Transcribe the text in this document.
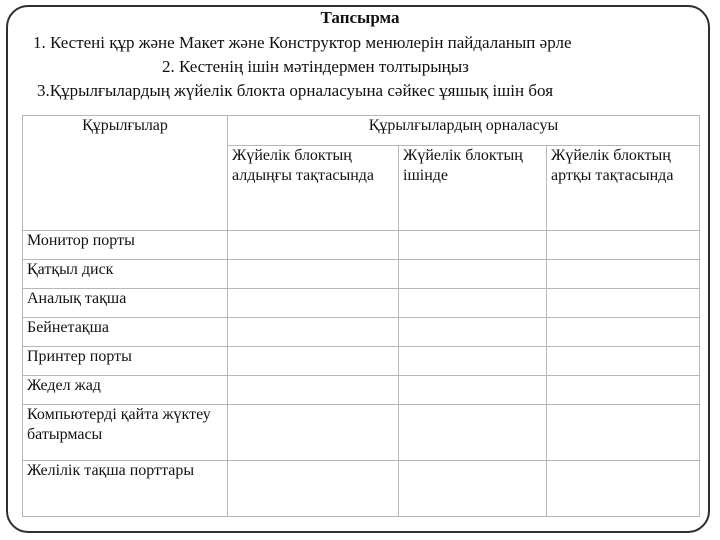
Тапсырма
1. Кестені құр және Макет және Конструктор менюлерін пайдаланып әрле
2. Кестенің ішін мәтіндермен толтырыңыз
3.Құрылғылардың жүйелік блокта орналасуына сәйкес ұяшық ішін боя
Құрылғылар	Құрылғылардың орналасуы		
	Жүйелік блоктың алдыңғы тақтасында	Жүйелік блоктың ішінде	Жүйелік блоктың артқы тақтасында
Монитор порты			
Қатқыл диск			
Аналық тақша			
Бейнетақша			
Принтер порты			
Жедел жад			
Компьютерді қайта жүктеу батырмасы			
Желілік тақша порттары			
